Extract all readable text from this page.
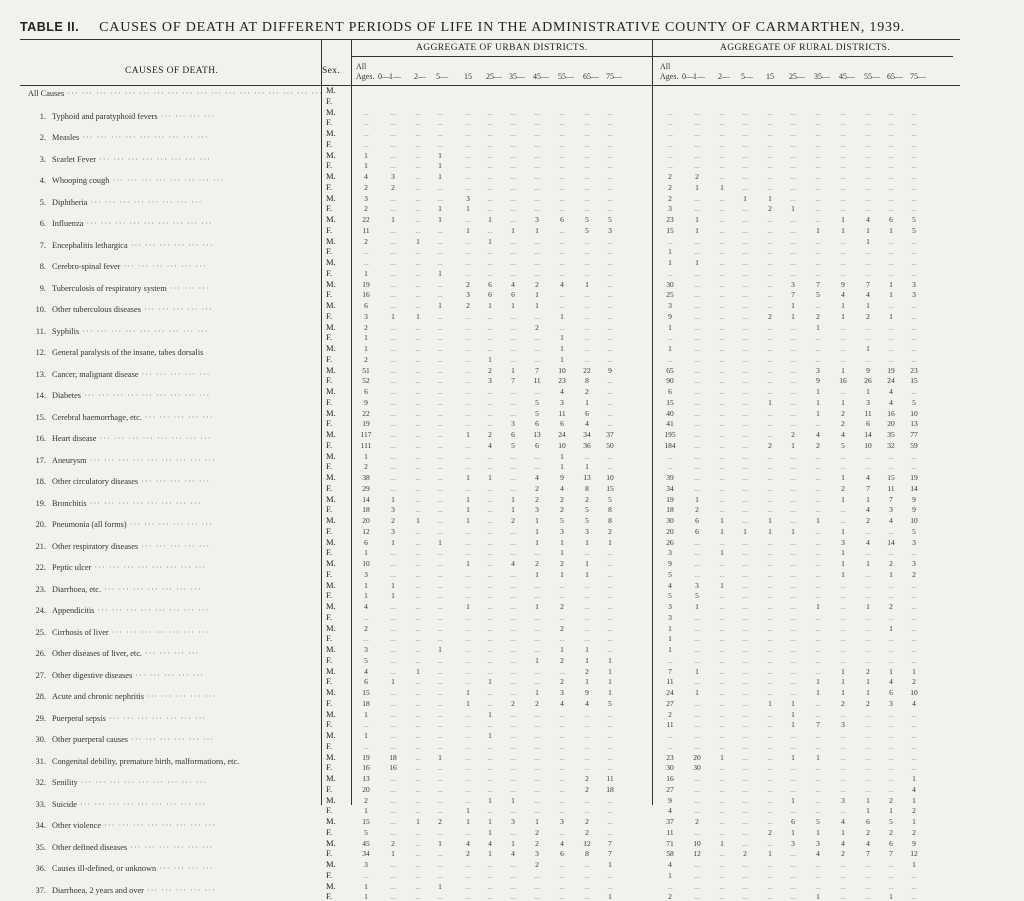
TABLE II. CAUSES OF DEATH AT DIFFERENT PERIODS OF LIFE IN THE ADMINISTRATIVE COUNTY OF CARMARTHEN, 1939.
CAUSES OF DEATH.	Sex.
AGGREGATE OF URBAN DISTRICTS.	AGGREGATE OF RURAL DISTRICTS.
All
Ages. 0— 1— 2— 5— 15 25— 35— 45— 55— 65— 75—
All
Ages. 0— 1— 2— 5— 15 25— 35— 45— 55— 65— 75—
All Causes ··· ··· ··· ··· ··· ··· ··· ··· ··· ··· ··· ··· ··· ··· ··· ··· ··· ··· M.
F.
1. Typhoid and paratyphoid fevers ··· ··· ··· ···	M.	...	...	...	...	...	...	...	...	...	...	...	...	...	...	...	...	...	...	...	...	...	...
F.	...	...	...	...	...	...	...	...	...	...	...	...	...	...	...	...	...	...	...	...	...	...
2. Measles ··· ··· ··· ··· ··· ··· ··· ··· ···	M.	...	...	...	...	...	...	...	...	...	...	...	...	...	...	...	...	...	...	...	...	...	...
F.	...	...	...	...	...	...	...	...	...	...	...	...	...	...	...	...	...	...	...	...	...	...
3. Scarlet Fever ··· ··· ··· ··· ··· ··· ··· ···	M.	1	...	...	1	...	...	...	...	...	...	...	...	...	...	...	...	...	...	...	...	...	...
F.	1	...	...	1	...	...	...	...	...	...	...	...	...	...	...	...	...	...	...	...	...	...
4. Whooping cough ··· ··· ··· ··· ··· ··· ··· ···	M.	4	3	...	1	...	...	...	...	...	...	...	2	2	...	...	...	...	...	...	...	...	...
F.	2	2	...	...	...	...	...	...	...	...	...	2	1	1	...	...	...	...	...	...	...	...
5. Diphtheria ··· ··· ··· ··· ··· ··· ··· ···	M.	3	...	...	...	3	...	...	...	...	...	...	2	...	...	1	1	...	...	...	...	...	...
F.	2	...	...	1	1	...	...	...	...	...	...	3	...	...	...	2	1	...	...	...	...	...
6. Influenza ··· ··· ··· ··· ··· ··· ··· ··· ···	M.	22	1	...	1	...	1	...	3	6	5	5	23	1	...	...	...	...	...	1	4	6	5
F.	11	...	...	...	1	...	1	1	...	5	3	15	1	...	...	...	...	1	1	1	1	5
7. Encephalitis lethargica ··· ··· ··· ··· ··· ···	M.	2	...	1	...	...	1	...	...	...	...	...	...	...	...	...	...	...	...	...	1	...	...
F.	...	...	...	...	...	...	...	...	...	...	...	1	...	...	...	...	...	...	...	...	...	...
8. Cerebro-spinal fever ··· ··· ··· ··· ··· ···	M.	...	...	...	...	...	...	...	...	...	...	...	1	1	...	...	...	...	...	...	...	...	...
F.	1	...	...	1	...	...	...	...	...	...	...	...	...	...	...	...	...	...	...	...	...	...
9. Tuberculosis of respiratory system ··· ··· ···	M.	19	...	...	...	2	6	4	2	4	1	...	30	...	...	...	...	3	7	9	7	1	3
F.	16	...	...	...	3	6	6	1	...	...	...	25	...	...	...	...	7	5	4	4	1	3
10. Other tuberculous diseases ··· ··· ··· ··· ···	M.	6	...	...	1	2	1	1	1	...	...	...	3	...	...	...	...	1	...	1	1	...	...
F.	3	1	1	...	...	...	...	...	1	...	...	9	...	...	...	2	1	2	1	2	1	...
11. Syphilis ··· ··· ··· ··· ··· ··· ··· ··· ···	M.	2	...	...	...	...	...	...	2	...	...	...	1	...	...	...	...	...	1	...	...	...	...
F.	1	...	...	...	...	...	...	...	1	...	...	...	...	...	...	...	...	...	...	...	...	...
12. General paralysis of the insane, tabes dorsalis	M.	1	...	...	...	...	...	...	...	1	...	...	1	...	...	...	...	...	...	...	1	...	...
F.	2	...	...	...	...	1	...	...	1	...	...	...	...	...	...	...	...	...	...	...	...	...
13. Cancer, malignant disease ··· ··· ··· ··· ···	M.	51	...	...	...	...	2	1	7	10	22	9	65	...	...	...	...	...	3	1	9	19	23
F.	52	...	...	...	...	3	7	11	23	8	...	90	...	...	...	...	...	9	16	26	24	15
14. Diabetes ··· ··· ··· ··· ··· ··· ··· ··· ···	M.	6	...	...	...	...	...	...	...	4	2	...	6	...	...	...	...	...	1	...	1	4	...
F.	9	...	...	...	...	...	...	5	3	1	...	15	...	...	...	1	...	1	1	3	4	5
15. Cerebral haemorrhage, etc. ··· ··· ··· ··· ···	M.	22	...	...	...	...	...	...	5	11	6	...	40	...	...	...	...	...	1	2	11	16	10
F.	19	...	...	...	...	...	3	6	6	4	...	41	...	...	...	...	...	...	2	6	20	13
16. Heart disease ··· ··· ··· ··· ··· ··· ··· ···	M.	117	...	...	...	1	2	6	13	24	34	37	195	...	...	...	...	2	4	4	14	35	77
F.	111	...	...	...	...	4	5	6	10	36	50	184	...	...	...	2	1	2	5	10	32	59
17. Aneurysm ··· ··· ··· ··· ··· ··· ··· ··· ···	M.	1	...	...	...	...	...	...	...	1	...	...	...	...	...	...	...	...	...	...	...	...	...
F.	2	...	...	...	...	...	...	...	1	1	...	...	...	...	...	...	...	...	...	...	...	...
18. Other circulatory diseases ··· ··· ··· ··· ···	M.	38	...	...	...	1	1	...	4	9	13	10	39	...	...	...	...	...	...	1	4	15	19
F.	29	...	...	...	...	...	...	2	4	8	15	34	...	...	...	...	...	...	2	7	11	14
19. Bronchitis ··· ··· ··· ··· ··· ··· ··· ···	M.	14	1	...	...	1	...	1	2	2	2	5	19	1	...	...	...	...	...	1	1	7	9
F.	18	3	...	...	1	...	1	3	2	5	8	18	2	...	...	...	...	...	...	4	3	9
20. Pneumonia (all forms) ··· ··· ··· ··· ··· ···	M.	20	2	1	...	1	...	2	1	5	5	8	30	6	1	...	1	...	1	...	2	4	10
F.	12	3	...	...	...	...	...	1	3	3	2	20	6	1	1	1	1	...	1	...	...	5
21. Other respiratory diseases ··· ··· ··· ··· ···	M.	6	1	...	1	...	...	...	1	1	1	1	26	...	...	...	...	...	...	3	4	14	3
F.	1	...	...	...	...	...	...	...	1	...	...	3	...	1	...	...	...	...	1	...	...	...
22. Peptic ulcer ··· ··· ··· ··· ··· ··· ··· ···	M.	10	...	...	...	1	...	4	2	2	1	...	9	...	...	...	...	...	...	1	1	2	3
F.	3	...	...	...	...	...	...	1	1	1	...	5	...	...	...	...	...	...	1	...	1	2
23. Diarrhoea, etc. ··· ··· ··· ··· ··· ··· ···	M.	1	1	...	...	...	...	...	...	...	...	...	4	3	1	...	...	...	...	...	...	...	...
F.	1	1	...	...	...	...	...	...	...	...	...	5	5	...	...	...	...	...	...	...	...	...
24. Appendicitis ··· ··· ··· ··· ··· ··· ··· ···	M.	4	...	...	...	1	...	...	1	2	...	...	3	1	...	...	...	...	1	...	1	2	...
F.	...	...	...	...	...	...	...	...	...	...	...	3	...	...	...	...	...	...	...	...	...	...
25. Cirrhosis of liver ··· ··· ··· ··· ··· ··· ···	M.	2	...	...	...	...	...	...	...	2	...	...	1	...	...	...	...	...	...	...	...	1	...
F.	...	...	...	...	...	...	...	...	...	...	...	1	...	...	...	...	...	...	...	...	...	...
26. Other diseases of liver, etc. ··· ··· ··· ···	M.	3	...	...	1	...	...	...	...	1	1	...	1	...	...	...	...	...	...	...	...	...	...
F.	5	...	...	...	...	...	...	1	2	1	1	...	...	...	...	...	...	...	...	...	...	...
27. Other digestive diseases ··· ··· ··· ··· ···	M.	4	...	1	...	...	...	...	...	...	2	1	7	1	...	...	...	...	...	1	2	1	1
F.	6	1	...	...	...	1	...	...	2	1	1	11	...	...	...	...	...	1	1	1	4	2
28. Acute and chronic nephritis ··· ··· ··· ··· ···	M.	15	...	...	...	1	...	...	1	3	9	1	24	1	...	...	...	...	1	1	1	6	10
F.	18	...	...	...	1	...	2	2	4	4	5	27	...	...	...	1	1	...	2	2	3	4
29. Puerperal sepsis ··· ··· ··· ··· ··· ··· ···	M.	1	...	...	...	...	1	...	...	...	...	...	2	...	...	...	...	1	...	...	...	...	...
F.	...	...	...	...	...	...	...	...	...	...	...	11	...	...	...	...	1	7	3	...	...	...
30. Other puerperal causes ··· ··· ··· ··· ··· ···	M.	1	...	...	...	...	1	...	...	...	...	...	...	...	...	...	...	...	...	...	...	...	...
F.	...	...	...	...	...	...	...	...	...	...	...	...	...	...	...	...	...	...	...	...	...	...
31. Congenital debility, premature birth, malformations, etc.	M.	19	18	...	1	...	...	...	...	...	...	...	23	20	1	...	...	1	1	...	...	...	...
F.	16	16	...	...	...	...	...	...	...	...	...	30	30	...	...	...	...	...	...	...	...	...
32. Senility ··· ··· ··· ··· ··· ··· ··· ··· ···	M.	13	...	...	...	...	...	...	...	...	2	11	16	...	...	...	...	...	...	...	...	...	1
F.	20	...	...	...	...	...	...	...	...	2	18	27	...	...	...	...	...	...	...	...	...	4
33. Suicide ··· ··· ··· ··· ··· ··· ··· ··· ···	M.	2	...	...	...	...	1	1	...	...	...	...	9	...	...	...	...	1	...	3	1	2	1
F.	1	...	...	...	1	...	...	...	...	...	...	4	...	...	...	...	...	...	...	1	1	2
34. Other violence ··· ··· ··· ··· ··· ··· ··· ···	M.	15	...	1	2	1	1	3	1	3	2	...	37	2	...	...	...	6	5	4	6	5	1
F.	5	...	...	...	...	1	...	2	...	2	...	11	...	...	...	2	1	1	1	2	2	2
35. Other defined diseases ··· ··· ··· ··· ··· ···	M.	45	2	...	1	4	4	1	2	4	12	7	71	10	1	...	...	3	3	4	4	6	9
F.	34	1	...	...	2	1	4	3	6	8	7	58	12	...	2	1	...	4	2	7	7	12
36. Causes ill-defined, or unknown ··· ··· ··· ···	M.	3	...	...	...	...	...	...	2	...	...	1	4	...	...	...	...	...	...	...	...	...	1
F.	...	...	...	...	...	...	...	...	...	...	...	1	...	...	...	...	...	...	...	...	...	...
37. Diarrhoea, 2 years and over ··· ··· ··· ··· ···	M.	1	...	...	1	...	...	...	...	...	...	...	...	...	...	...	...	...	...	...	...	...	...
F.	1	...	...	...	...	...	...	...	...	...	1	2	...	...	...	...	...	1	...	...	1	...
